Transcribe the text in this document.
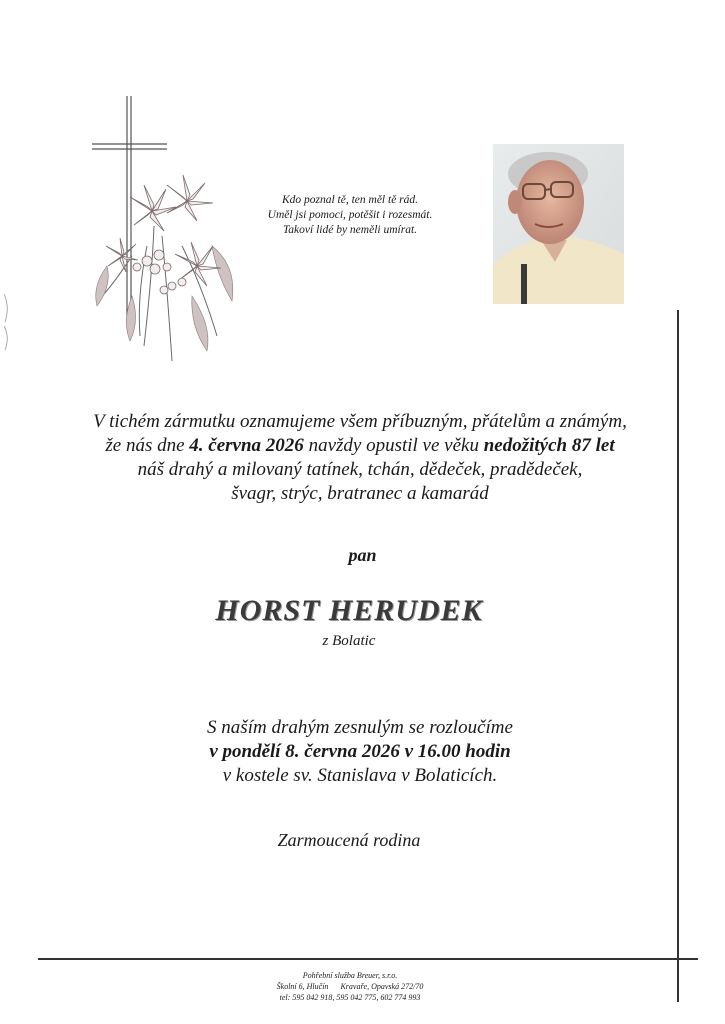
Kdo poznal tě, ten měl tě rád.
Uměl jsi pomoci, potěšit i rozesmát.
Takoví lidé by neměli umírat.
V tichém zármutku oznamujeme všem příbuzným, přátelům a známým,
že nás dne 4. června 2026 navždy opustil ve věku nedožitých 87 let
náš drahý a milovaný tatínek, tchán, dědeček, pradědeček,
švagr, strýc, bratranec a kamarád
pan
HORST HERUDEK
z Bolatic
S naším drahým zesnulým se rozloučíme
v pondělí 8. června 2026 v 16.00 hodin
v kostele sv. Stanislava v Bolaticích.
Zarmoucená rodina
Pohřební služba Breuer, s.r.o.
Školní 6, Hlučín Kravaře, Opavská 272/70
tel: 595 042 918, 595 042 775, 602 774 993
